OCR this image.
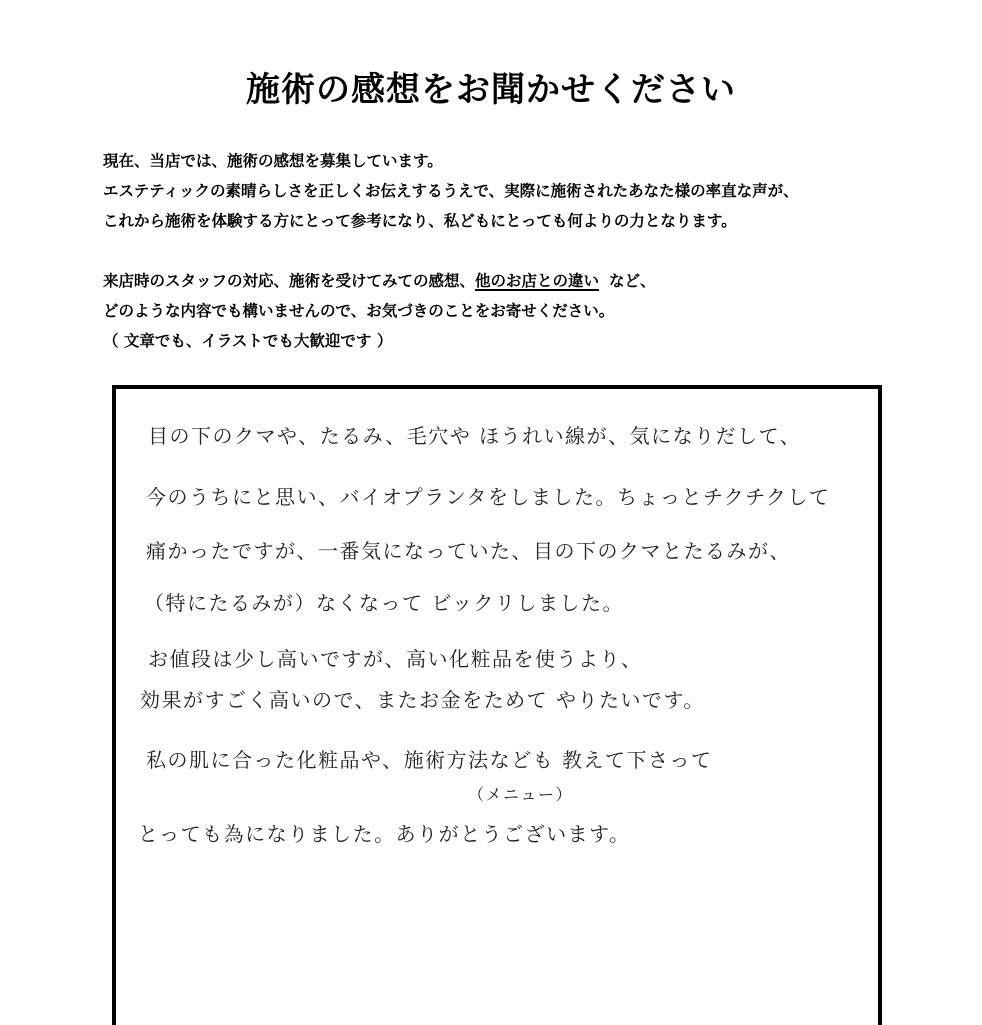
施術の感想をお聞かせください
現在、当店では、施術の感想を募集しています。
エステティックの素晴らしさを正しくお伝えするうえで、実際に施術されたあなた様の率直な声が、
これから施術を体験する方にとって参考になり、私どもにとっても何よりの力となります。
来店時のスタッフの対応、施術を受けてみての感想、他のお店との違い など、
どのような内容でも構いませんので、お気づきのことをお寄せください。
（ 文章でも、イラストでも大歓迎です ）
目の下のクマや、たるみ、毛穴や ほうれい線が、気になりだして、
今のうちにと思い、バイオプランタをしました。ちょっとチクチクして
痛かったですが、一番気になっていた、目の下のクマとたるみが、
（特にたるみが）なくなって ビックリしました。
お値段は少し高いですが、高い化粧品を使うより、
効果がすごく高いので、またお金をためて やりたいです。
私の肌に合った化粧品や、施術方法なども 教えて下さって
（メニュー）
とっても為になりました。ありがとうございます。
